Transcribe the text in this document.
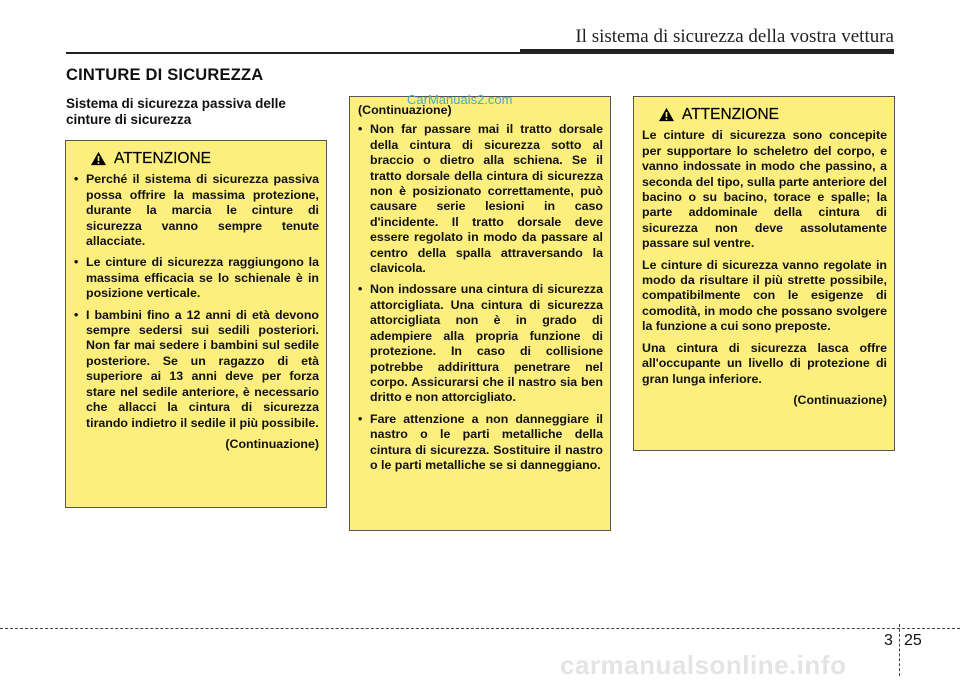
Il sistema di sicurezza della vostra vettura
CINTURE DI SICUREZZA
Sistema di sicurezza passiva delle cinture di sicurezza
ATTENZIONE
• Perché il sistema di sicurezza passiva possa offrire la massima protezione, durante la marcia le cinture di sicurezza vanno sempre tenute allacciate.
• Le cinture di sicurezza raggiungono la massima efficacia se lo schienale è in posizione verticale.
• I bambini fino a 12 anni di età devono sempre sedersi sui sedili posteriori. Non far mai sedere i bambini sul sedile posteriore. Se un ragazzo di età superiore ai 13 anni deve per forza stare nel sedile anteriore, è necessario che allacci la cintura di sicurezza tirando indietro il sedile il più possibile.
(Continuazione)
(Continuazione)
• Non far passare mai il tratto dorsale della cintura di sicurezza sotto al braccio o dietro alla schiena. Se il tratto dorsale della cintura di sicurezza non è posizionato correttamente, può causare serie lesioni in caso d'incidente. Il tratto dorsale deve essere regolato in modo da passare al centro della spalla attraversando la clavicola.
• Non indossare una cintura di sicurezza attorcigliata. Una cintura di sicurezza attorcigliata non è in grado di adempiere alla propria funzione di protezione. In caso di collisione potrebbe addirittura penetrare nel corpo. Assicurarsi che il nastro sia ben dritto e non attorcigliato.
• Fare attenzione a non danneggiare il nastro o le parti metalliche della cintura di sicurezza. Sostituire il nastro o le parti metalliche se si danneggiano.
CarManuals2.com
ATTENZIONE

Le cinture di sicurezza sono concepite per supportare lo scheletro del corpo, e vanno indossate in modo che passino, a seconda del tipo, sulla parte anteriore del bacino o su bacino, torace e spalle; la parte addominale della cintura di sicurezza non deve assolutamente passare sul ventre.

Le cinture di sicurezza vanno regolate in modo da risultare il più strette possibile, compatibilmente con le esigenze di comodità, in modo che possano svolgere la funzione a cui sono preposte.

Una cintura di sicurezza lasca offre all'occupante un livello di protezione di gran lunga inferiore.

(Continuazione)
3 25
carmanualsonline.info
